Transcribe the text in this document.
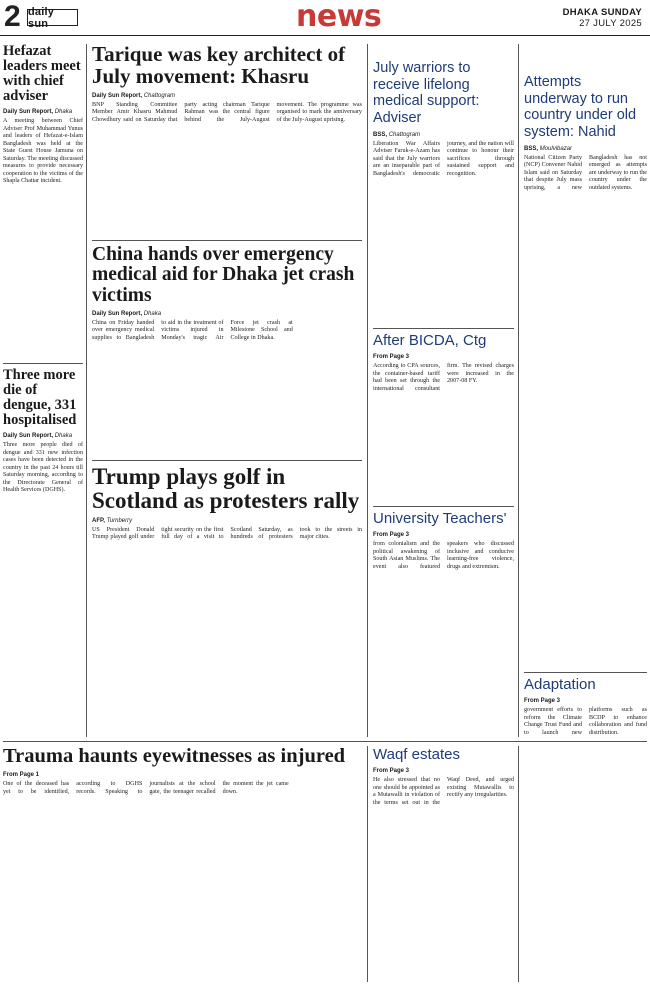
2 daily sun	news	DHAKA SUNDAY
27 JULY 2025
Hefazat leaders meet with chief adviser
Daily Sun Report, Dhaka
A meeting between Chief Adviser Prof Muhammad Yunus and leaders of Hefazat-e-Islam Bangladesh was held at the State Guest House Jamuna on Saturday. The meeting discussed measures to provide necessary cooperation to the victims of the Shapla Chattar incident.
Three more die of dengue, 331 hospitalised
Daily Sun Report, Dhaka
Three more people died of dengue and 331 new infection cases have been detected in the country in the past 24 hours till Saturday morning, according to the Directorate General of Health Services (DGHS).
Tarique was key architect of July movement: Khasru
Daily Sun Report, Chattogram
BNP Standing Committee Member Amir Khasru Mahmud Chowdhury said on Saturday that party acting chairman Tarique Rahman was the central figure behind the July-August movement. The programme was organised to mark the anniversary of the July-August uprising.
China hands over emergency medical aid for Dhaka jet crash victims
Daily Sun Report, Dhaka
China on Friday handed over emergency medical supplies to Bangladesh to aid in the treatment of victims injured in Monday's tragic Air Force jet crash at Milestone School and College in Dhaka.
Trump plays golf in Scotland as protesters rally
AFP, Turnberry
US President Donald Trump played golf under tight security on the first full day of a visit to Scotland Saturday, as hundreds of protesters took to the streets in major cities.
July warriors to receive lifelong medical support: Adviser
BSS, Chattogram
Liberation War Affairs Adviser Faruk-e-Azam has said that the July warriors are an inseparable part of Bangladesh's democratic journey, and the nation will continue to honour their sacrifices through sustained support and recognition.
After BICDA, Ctg
From Page 3
According to CPA sources, the container-based tariff had been set through the international consultant firm. The revised charges were increased in the 2007-08 FY.
University Teachers'
From Page 3
from colonialism and the political awakening of South Asian Muslims. The event also featured speakers who discussed inclusive and conducive learning-free violence, drugs and extremism.
Attempts underway to run country under old system: Nahid
BSS, Moulvibazar
National Citizen Party (NCP) Convener Nahid Islam said on Saturday that despite July mass uprising, a new Bangladesh has not emerged as attempts are underway to run the country under the outdated systems.
Adaptation
From Page 3
government efforts to reform the Climate Change Trust Fund and to launch new platforms such as BCDP to enhance collaboration and fund distribution.
Trauma haunts eyewitnesses as injured
From Page 1
One of the deceased has yet to be identified, according to DGHS records. Speaking to journalists at the school gate, the teenager recalled the moment the jet came down.
Waqf estates
From Page 3
He also stressed that no one should be appointed as a Mutawalli in violation of the terms set out in the Waqf Deed, and urged existing Mutawallis to rectify any irregularities.
